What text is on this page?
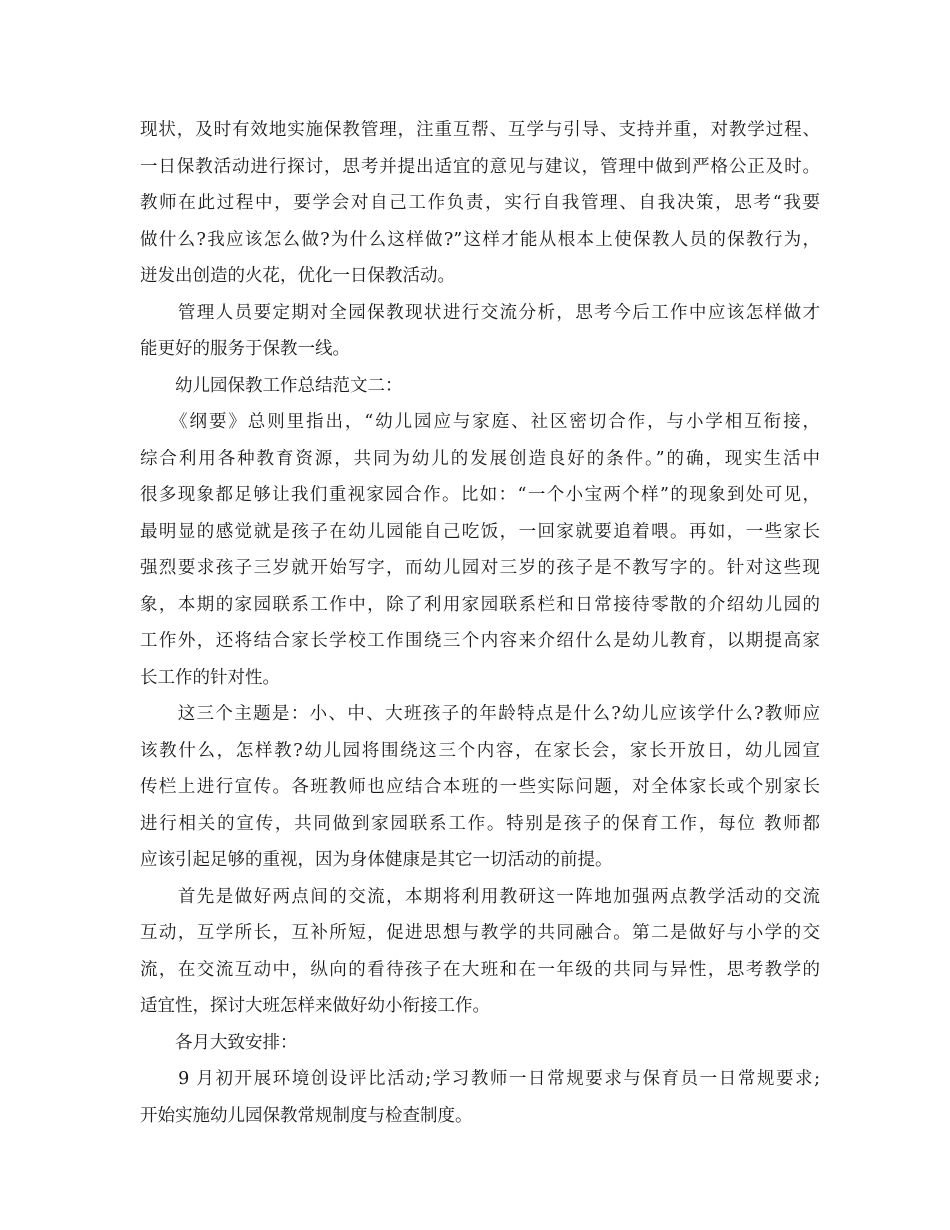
现状，及时有效地实施保教管理，注重互帮、互学与引导、支持并重，对教学过程、
一日保教活动进行探讨，思考并提出适宜的意见与建议，管理中做到严格公正及时。
教师在此过程中，要学会对自己工作负责，实行自我管理、自我决策，思考“我要
做什么?我应该怎么做?为什么这样做?”这样才能从根本上使保教人员的保教行为，
迸发出创造的火花，优化一日保教活动。
　　管理人员要定期对全园保教现状进行交流分析，思考今后工作中应该怎样做才
能更好的服务于保教一线。
　　幼儿园保教工作总结范文二：
　　《纲要》总则里指出，“幼儿园应与家庭、社区密切合作，与小学相互衔接，
综合利用各种教育资源，共同为幼儿的发展创造良好的条件。”的确，现实生活中
很多现象都足够让我们重视家园合作。比如：“一个小宝两个样”的现象到处可见，
最明显的感觉就是孩子在幼儿园能自己吃饭，一回家就要追着喂。再如，一些家长
强烈要求孩子三岁就开始写字，而幼儿园对三岁的孩子是不教写字的。针对这些现
象，本期的家园联系工作中，除了利用家园联系栏和日常接待零散的介绍幼儿园的
工作外，还将结合家长学校工作围绕三个内容来介绍什么是幼儿教育，以期提高家
长工作的针对性。
　　这三个主题是：小、中、大班孩子的年龄特点是什么?幼儿应该学什么?教师应
该教什么，怎样教?幼儿园将围绕这三个内容，在家长会，家长开放日，幼儿园宣
传栏上进行宣传。各班教师也应结合本班的一些实际问题，对全体家长或个别家长
进行相关的宣传，共同做到家园联系工作。特别是孩子的保育工作，每位 教师都
应该引起足够的重视，因为身体健康是其它一切活动的前提。
　　首先是做好两点间的交流，本期将利用教研这一阵地加强两点教学活动的交流
互动，互学所长，互补所短，促进思想与教学的共同融合。第二是做好与小学的交
流，在交流互动中，纵向的看待孩子在大班和在一年级的共同与异性，思考教学的
适宜性，探讨大班怎样来做好幼小衔接工作。
　　各月大致安排：
　　9 月初开展环境创设评比活动;学习教师一日常规要求与保育员一日常规要求;
开始实施幼儿园保教常规制度与检查制度。
